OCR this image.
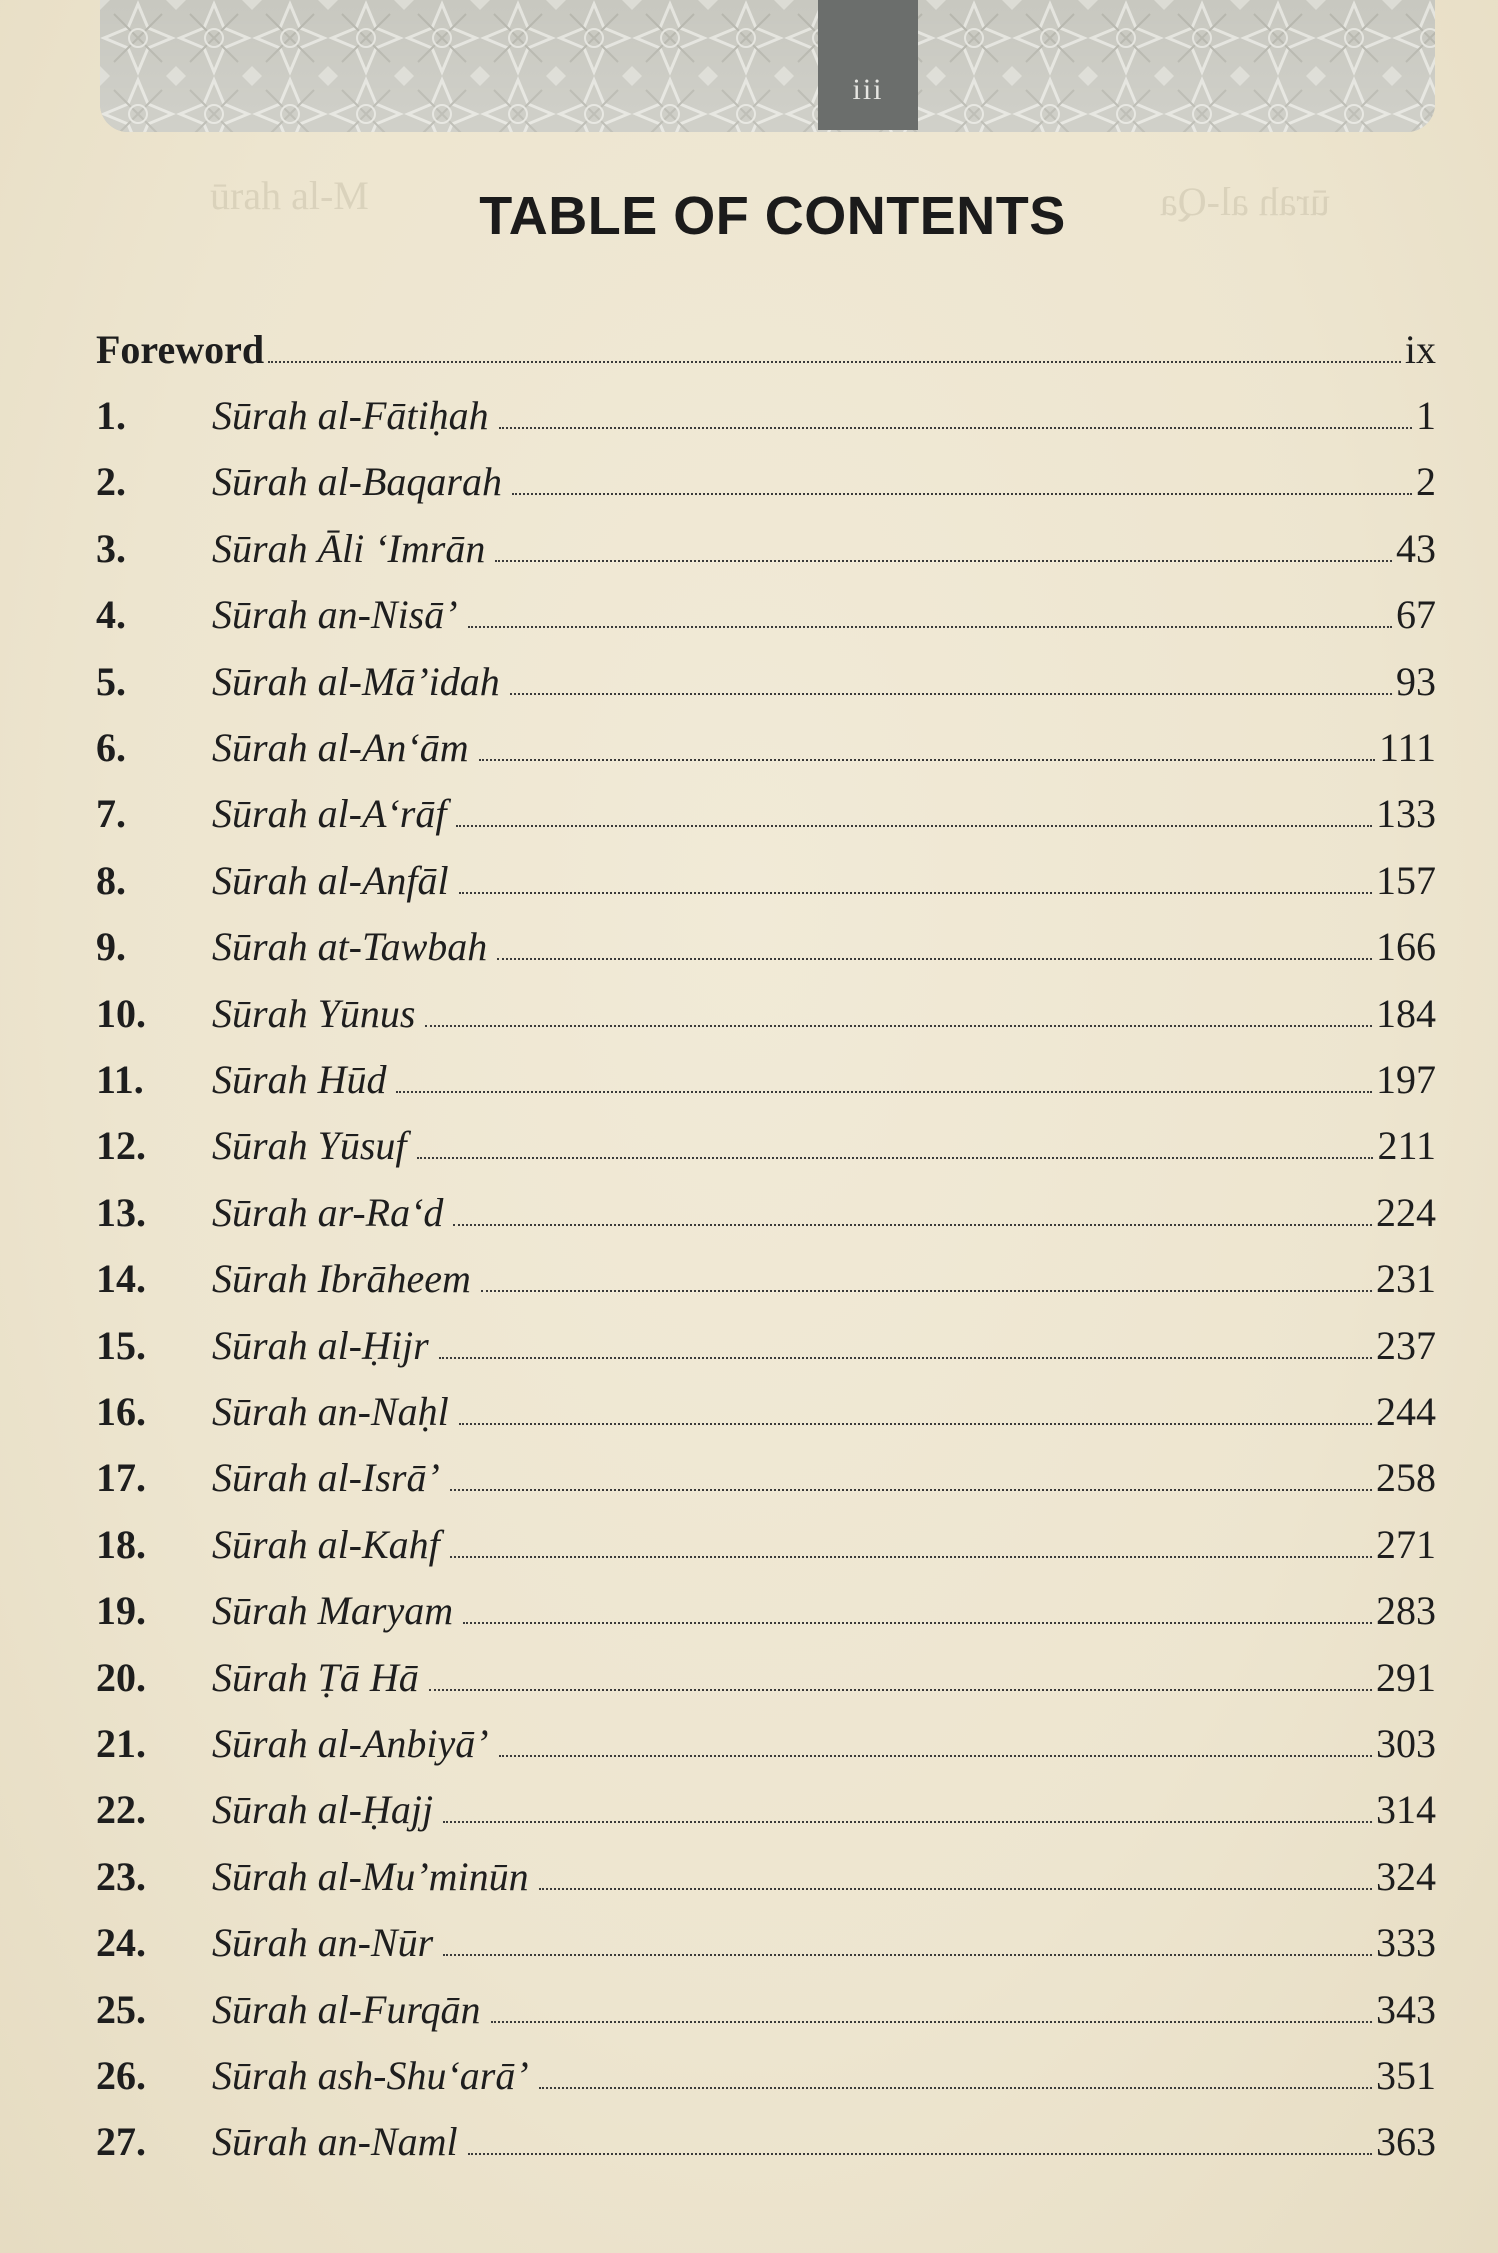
iii
ūrah al-Qa
ūrah al-M	TABLE OF CONTENTS
Foreword	ix
1.	Sūrah al-Fātiḥah	1
2.	Sūrah al-Baqarah	2
3.	Sūrah Āli ‘Imrān	43
4.	Sūrah an-Nisā’	67
5.	Sūrah al-Mā’idah	93
6.	Sūrah al-An‘ām	111
7.	Sūrah al-A‘rāf	133
8.	Sūrah al-Anfāl	157
9.	Sūrah at-Tawbah	166
10.	Sūrah Yūnus	184
11.	Sūrah Hūd	197
12.	Sūrah Yūsuf	211
13.	Sūrah ar-Ra‘d	224
14.	Sūrah Ibrāheem	231
15.	Sūrah al-Ḥijr	237
16.	Sūrah an-Naḥl	244
17.	Sūrah al-Isrā’	258
18.	Sūrah al-Kahf	271
19.	Sūrah Maryam	283
20.	Sūrah Ṭā Hā	291
21.	Sūrah al-Anbiyā’	303
22.	Sūrah al-Ḥajj	314
23.	Sūrah al-Mu’minūn	324
24.	Sūrah an-Nūr	333
25.	Sūrah al-Furqān	343
26.	Sūrah ash-Shu‘arā’	351
27.	Sūrah an-Naml	363
